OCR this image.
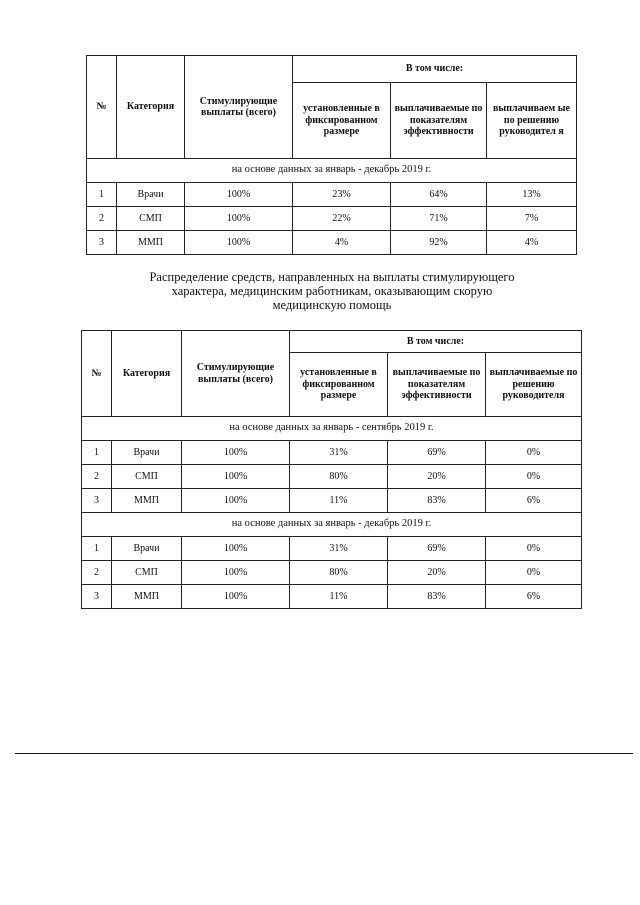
№	Категория	Стимулирующие выплаты (всего)	В том числе:		
			установленные в фиксированном размере	выплачиваемые по показателям эффективности	выплачиваем ые по решению руководител я
на основе данных за январь - декабрь 2019 г.					
1	Врачи	100%	23%	64%	13%
2	СМП	100%	22%	71%	7%
3	ММП	100%	4%	92%	4%
Распределение средств, направленных на выплаты стимулирующего
характера, медицинским работникам, оказывающим скорую
медицинскую помощь
№	Категория	Стимулирующие выплаты (всего)	В том числе:		
			установленные в фиксированном размере	выплачиваемые по показателям эффективности	выплачиваемые по решению руководителя
на основе данных за январь - сентябрь 2019 г.					
1	Врачи	100%	31%	69%	0%
2	СМП	100%	80%	20%	0%
3	ММП	100%	11%	83%	6%
на основе данных за январь - декабрь 2019 г.					
1	Врачи	100%	31%	69%	0%
2	СМП	100%	80%	20%	0%
3	ММП	100%	11%	83%	6%
